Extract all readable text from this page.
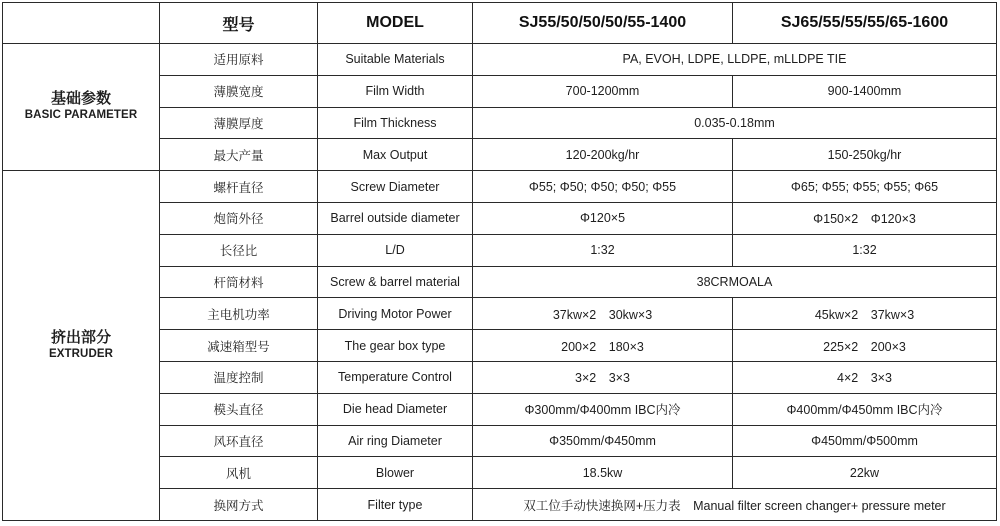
	型号	MODEL	SJ55/50/50/50/55-1400	SJ65/55/55/55/65-1600
基础参数
BASIC PARAMETER	适用原料	Suitable Materials	PA, EVOH, LDPE, LLDPE, mLLDPE TIE	
	薄膜宽度	Film Width	700-1200mm	900-1400mm
	薄膜厚度	Film Thickness	0.035-0.18mm	
	最大产量	Max Output	120-200kg/hr	150-250kg/hr
挤出部分
EXTRUDER	螺杆直径	Screw Diameter	Φ55; Φ50; Φ50; Φ50; Φ55	Φ65; Φ55; Φ55; Φ55; Φ65
	炮筒外径	Barrel outside diameter	Φ120×5	Φ150×2　Φ120×3
	长径比	L/D	1:32	1:32
	杆筒材料	Screw & barrel material	38CRMOALA	
	主电机功率	Driving Motor Power	37kw×2　30kw×3	45kw×2　37kw×3
	减速箱型号	The gear box type	200×2　180×3	225×2　200×3
	温度控制	Temperature Control	3×2　3×3	4×2　3×3
	模头直径	Die head Diameter	Φ300mm/Φ400mm IBC内冷	Φ400mm/Φ450mm IBC内冷
	风环直径	Air ring Diameter	Φ350mm/Φ450mm	Φ450mm/Φ500mm
	风机	Blower	18.5kw	22kw
	换网方式	Filter type	双工位手动快速换网+压力表　Manual filter screen changer+ pressure meter	
